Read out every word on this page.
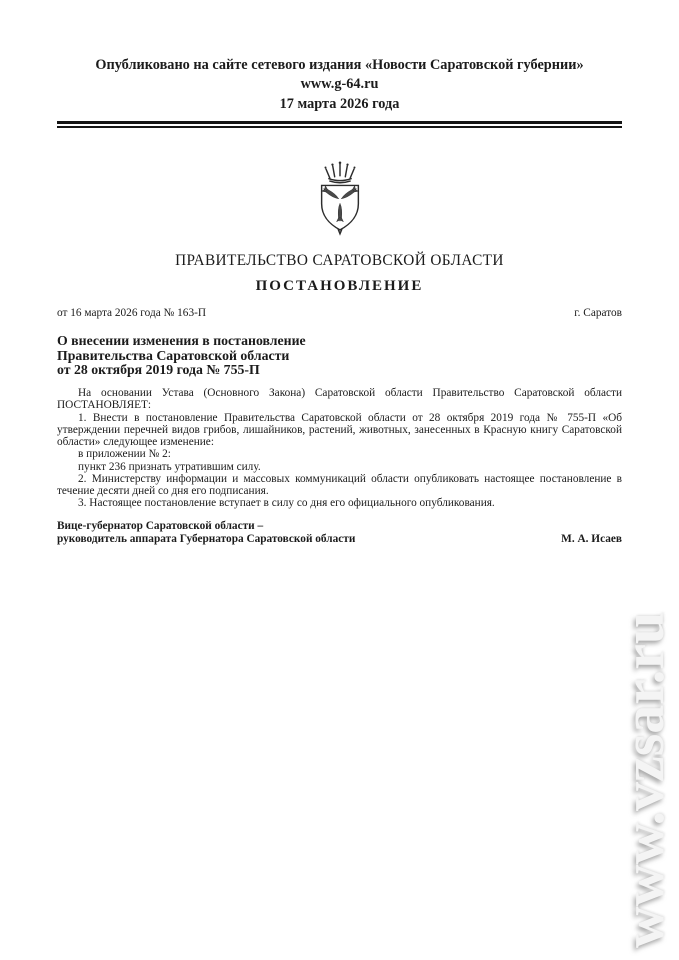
www.vzsar.ru
Опубликовано на сайте сетевого издания «Новости Саратовской губернии»
www.g-64.ru
17 марта 2026 года
ПРАВИТЕЛЬСТВО САРАТОВСКОЙ ОБЛАСТИ
ПОСТАНОВЛЕНИЕ
от 16 марта 2026 года № 163-П	г. Саратов
О внесении изменения в постановление
Правительства Саратовской области
от 28 октября 2019 года № 755-П

На основании Устава (Основного Закона) Саратовской области Правительство Саратовской области ПОСТАНОВЛЯЕТ:

1. Внести в постановление Правительства Саратовской области от 28 октября 2019 года № 755-П «Об утверждении перечней видов грибов, лишайников, растений, животных, занесенных в Красную книгу Саратовской области» следующее изменение:

в приложении № 2:

пункт 236 признать утратившим силу.

2. Министерству информации и массовых коммуникаций области опубликовать настоящее постановление в течение десяти дней со дня его подписания.

3. Настоящее постановление вступает в силу со дня его официального опубликования.

Вице-губернатор Саратовской области –
руководитель аппарата Губернатора Саратовской области	М. А. Исаев
